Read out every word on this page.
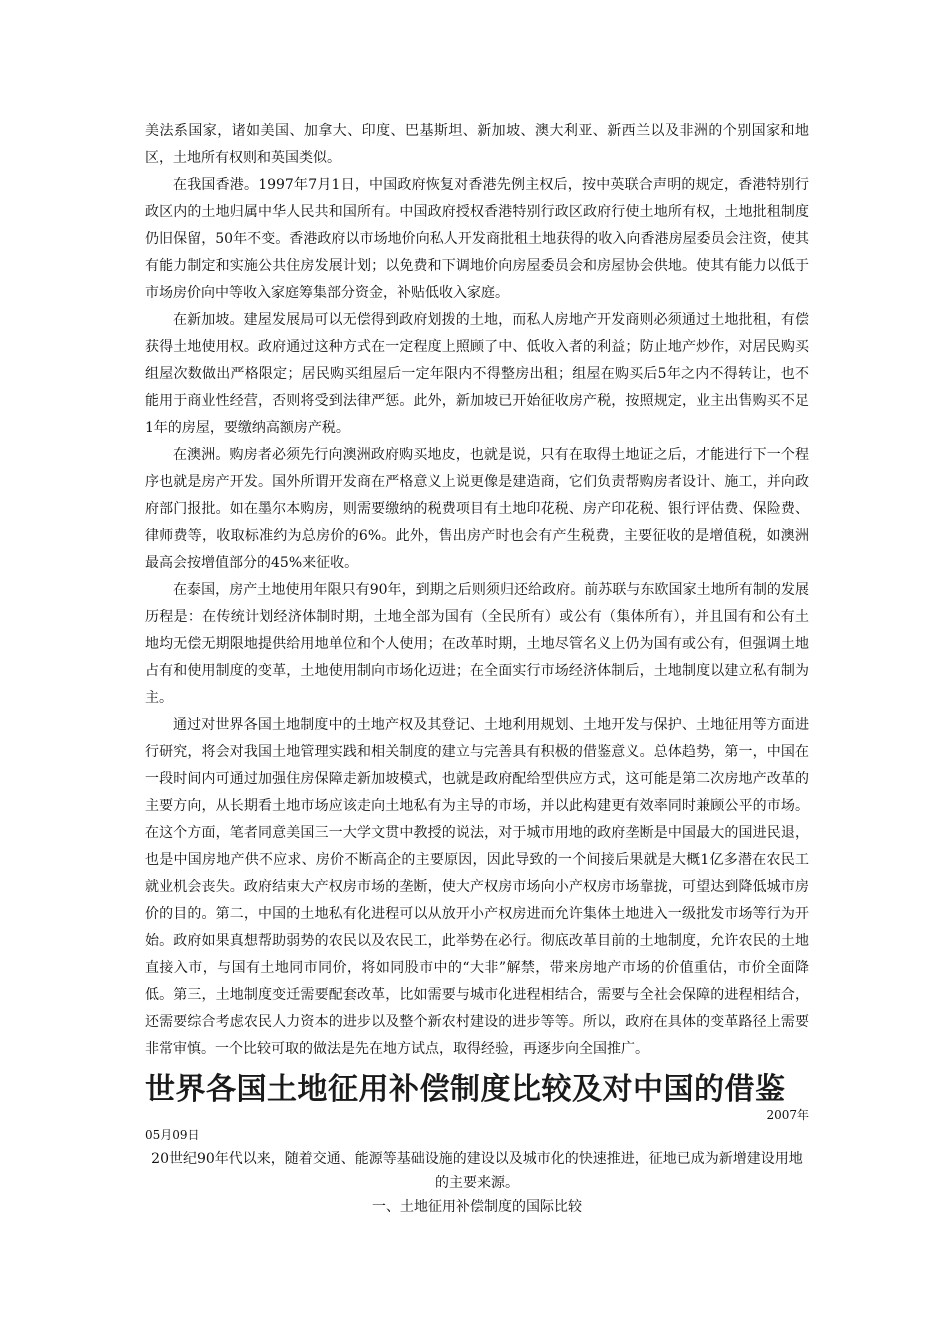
美法系国家，诸如美国、加拿大、印度、巴基斯坦、新加坡、澳大利亚、新西兰以及非洲的个别国家和地区，土地所有权则和英国类似。

在我国香港。1997年7月1日，中国政府恢复对香港先例主权后，按中英联合声明的规定，香港特别行政区内的土地归属中华人民共和国所有。中国政府授权香港特别行政区政府行使土地所有权，土地批租制度仍旧保留，50年不变。香港政府以市场地价向私人开发商批租土地获得的收入向香港房屋委员会注资，使其有能力制定和实施公共住房发展计划；以免费和下调地价向房屋委员会和房屋协会供地。使其有能力以低于市场房价向中等收入家庭筹集部分资金，补贴低收入家庭。

在新加坡。建屋发展局可以无偿得到政府划拨的土地，而私人房地产开发商则必须通过土地批租，有偿获得土地使用权。政府通过这种方式在一定程度上照顾了中、低收入者的利益；防止地产炒作，对居民购买组屋次数做出严格限定；居民购买组屋后一定年限内不得整房出租；组屋在购买后5年之内不得转让，也不能用于商业性经营，否则将受到法律严惩。此外，新加坡已开始征收房产税，按照规定，业主出售购买不足1年的房屋，要缴纳高额房产税。

在澳洲。购房者必须先行向澳洲政府购买地皮，也就是说，只有在取得土地证之后，才能进行下一个程序也就是房产开发。国外所谓开发商在严格意义上说更像是建造商，它们负责帮购房者设计、施工，并向政府部门报批。如在墨尔本购房，则需要缴纳的税费项目有土地印花税、房产印花税、银行评估费、保险费、律师费等，收取标准约为总房价的6%。此外，售出房产时也会有产生税费，主要征收的是增值税，如澳洲最高会按增值部分的45%来征收。

在泰国，房产土地使用年限只有90年，到期之后则须归还给政府。前苏联与东欧国家土地所有制的发展历程是：在传统计划经济体制时期，土地全部为国有（全民所有）或公有（集体所有），并且国有和公有土地均无偿无期限地提供给用地单位和个人使用；在改革时期，土地尽管名义上仍为国有或公有，但强调土地占有和使用制度的变革，土地使用制向市场化迈进；在全面实行市场经济体制后，土地制度以建立私有制为主。

通过对世界各国土地制度中的土地产权及其登记、土地利用规划、土地开发与保护、土地征用等方面进行研究，将会对我国土地管理实践和相关制度的建立与完善具有积极的借鉴意义。总体趋势，第一，中国在一段时间内可通过加强住房保障走新加坡模式，也就是政府配给型供应方式，这可能是第二次房地产改革的主要方向，从长期看土地市场应该走向土地私有为主导的市场，并以此构建更有效率同时兼顾公平的市场。在这个方面，笔者同意美国三一大学文贯中教授的说法，对于城市用地的政府垄断是中国最大的国进民退，也是中国房地产供不应求、房价不断高企的主要原因，因此导致的一个间接后果就是大概1亿多潜在农民工就业机会丧失。政府结束大产权房市场的垄断，使大产权房市场向小产权房市场靠拢，可望达到降低城市房价的目的。第二，中国的土地私有化进程可以从放开小产权房进而允许集体土地进入一级批发市场等行为开始。政府如果真想帮助弱势的农民以及农民工，此举势在必行。彻底改革目前的土地制度，允许农民的土地直接入市，与国有土地同市同价，将如同股市中的“大非”解禁，带来房地产市场的价值重估，市价全面降低。第三，土地制度变迁需要配套改革，比如需要与城市化进程相结合，需要与全社会保障的进程相结合，还需要综合考虑农民人力资本的进步以及整个新农村建设的进步等等。所以，政府在具体的变革路径上需要非常审慎。一个比较可取的做法是先在地方试点，取得经验，再逐步向全国推广。

世界各国土地征用补偿制度比较及对中国的借鉴
2007年
05月09日

20世纪90年代以来，随着交通、能源等基础设施的建设以及城市化的快速推进，征地已成为新增建设用地的主要来源。

一、土地征用补偿制度的国际比较
